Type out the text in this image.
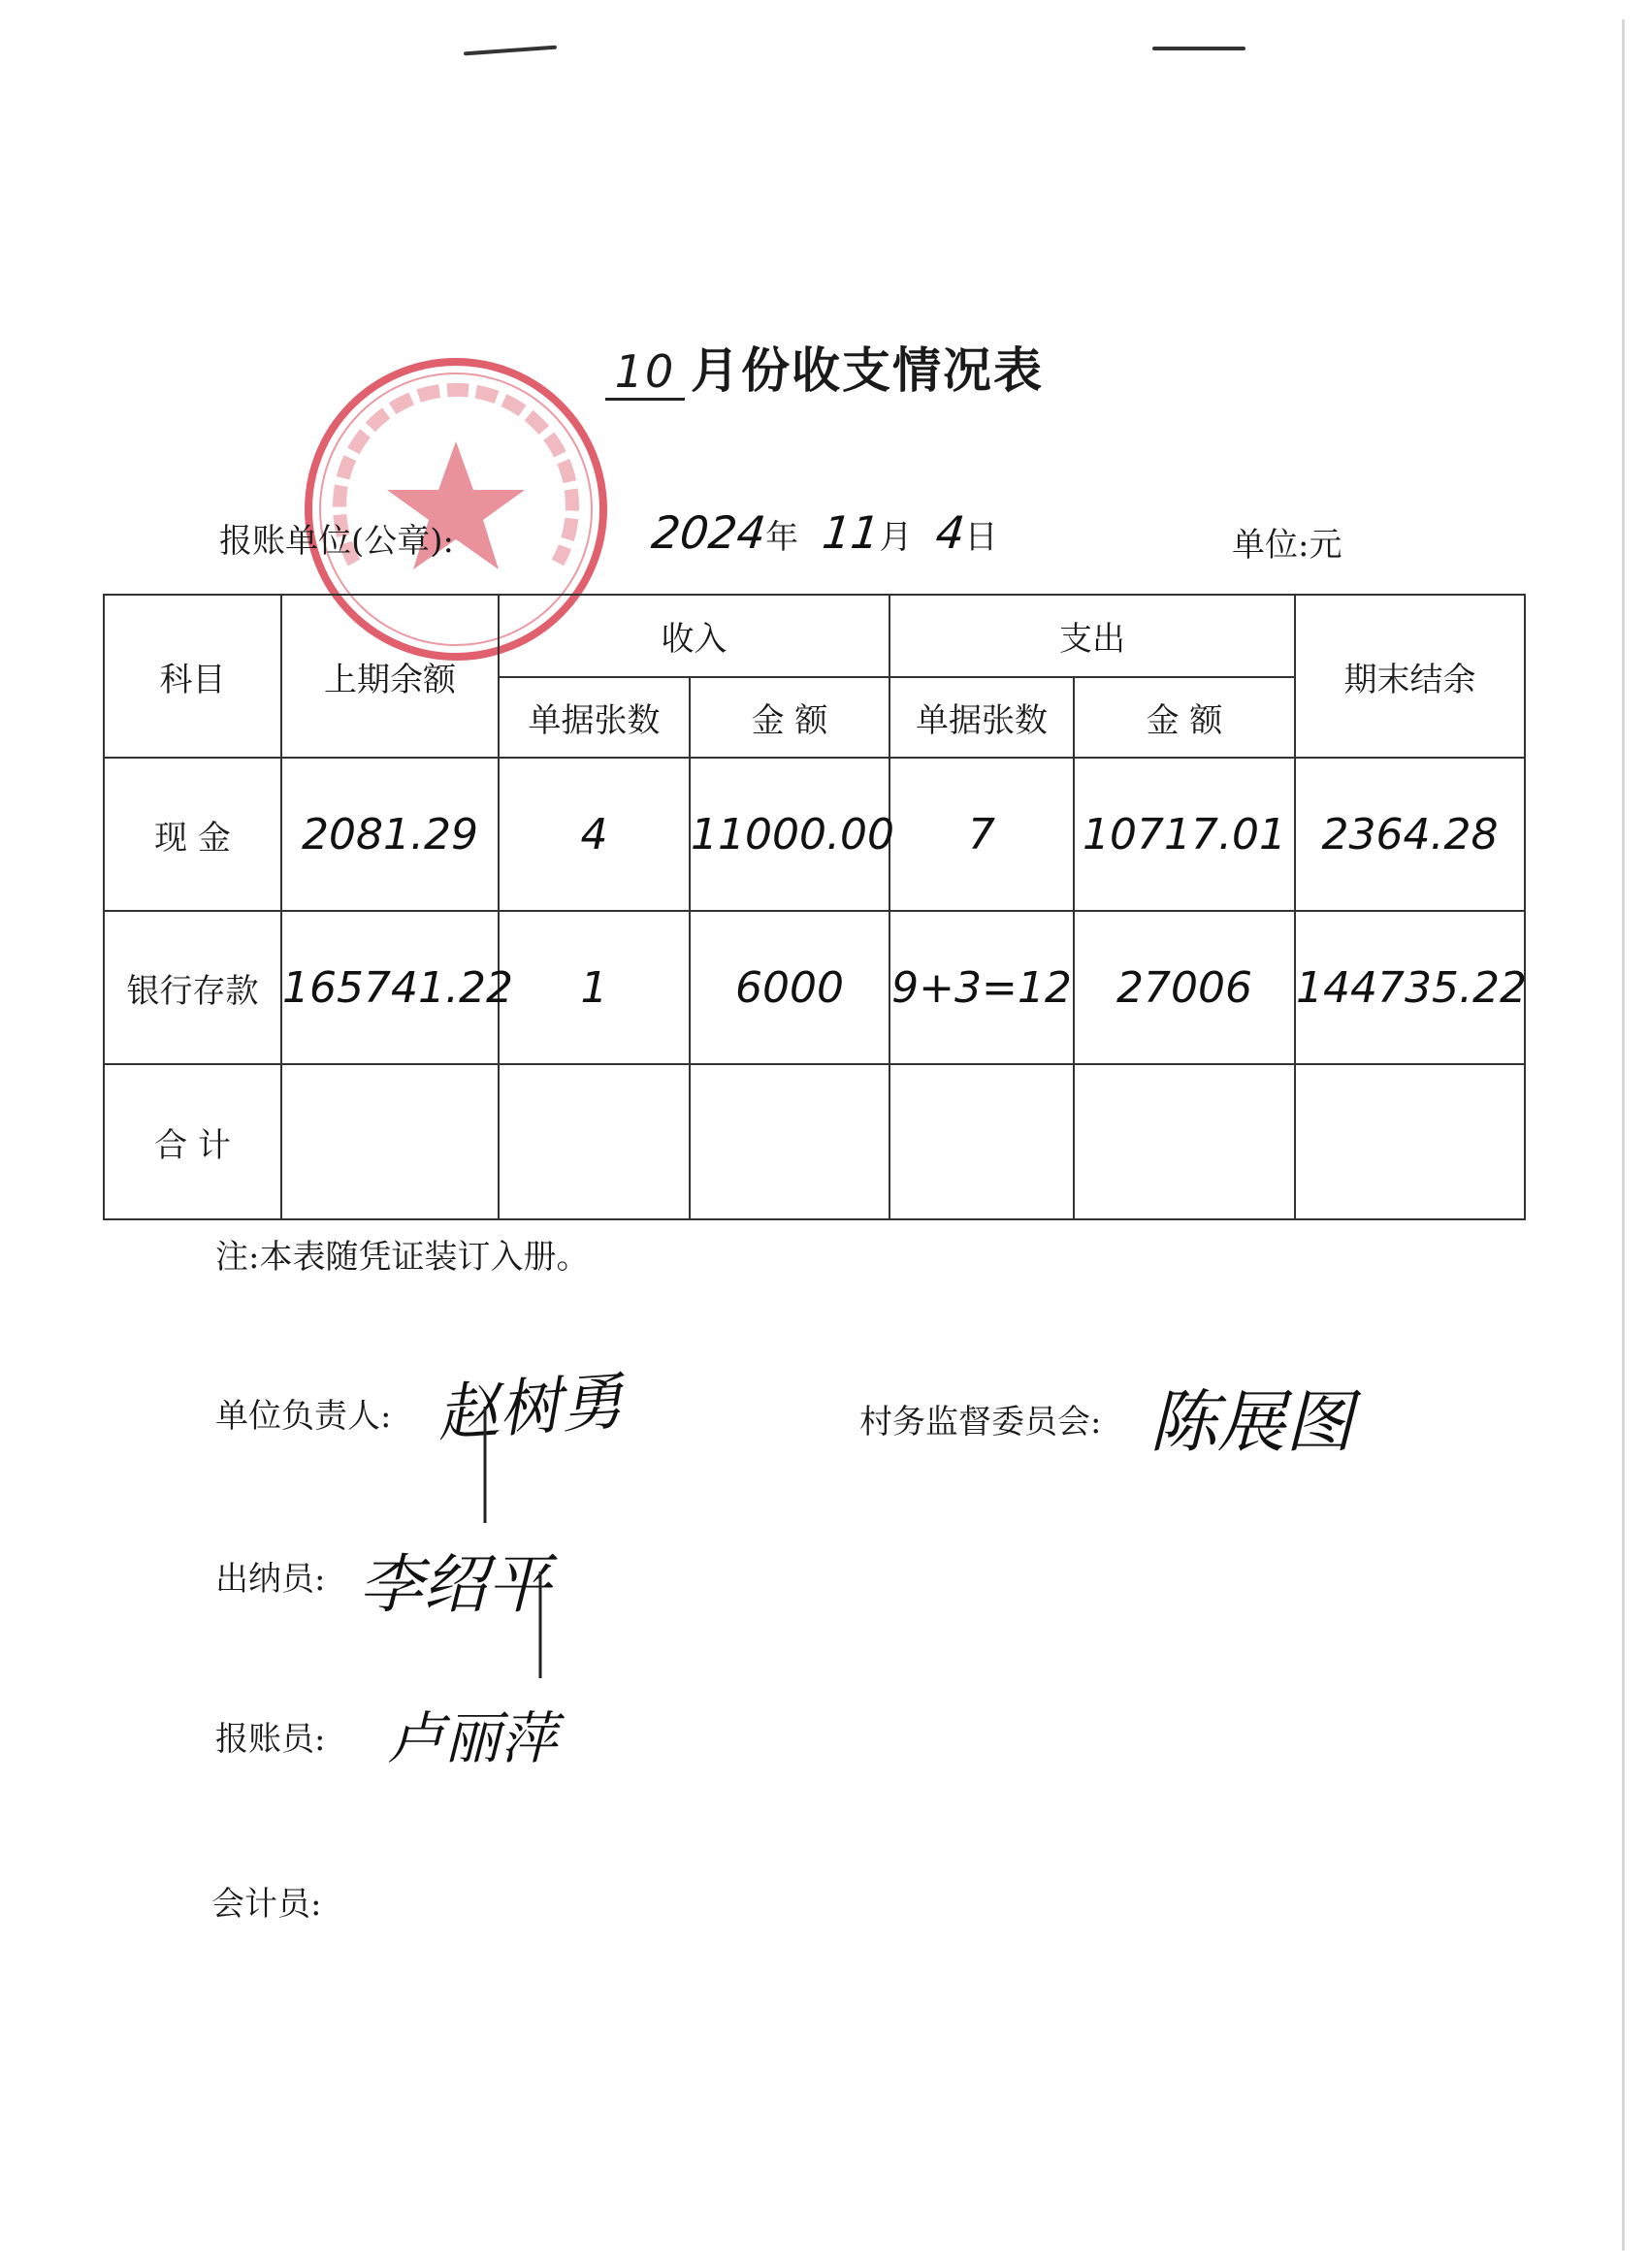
10 月份收支情况表
报账单位(公章):	2024年 11月 4日	单位:元
科目	上期余额	收入		支出		期末结余
		单据张数	金 额	单据张数	金 额	
现 金	2081.29	4	11000.00	7	10717.01	2364.28
银行存款	165741.22	1	6000	9+3=12	27006	144735.22
合 计						
注:本表随凭证装订入册。
单位负责人: 赵树勇	村务监督委员会: 陈展图
出纳员: 李绍平
报账员: 卢丽萍
会计员:
